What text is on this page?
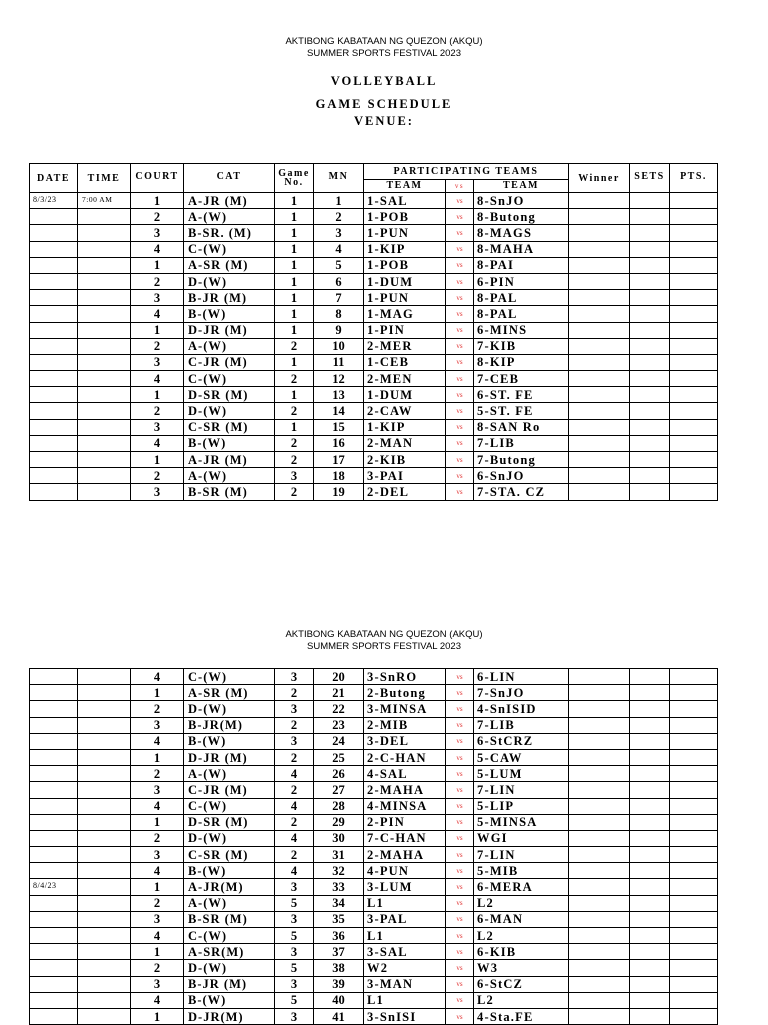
AKTIBONG KABATAAN NG QUEZON (AKQU)
SUMMER SPORTS FESTIVAL 2023
VOLLEYBALL
GAME SCHEDULE
VENUE:
DATE	TIME	COURT	CAT	Game No.	MN	PARTICIPATING TEAMS			Winner	SETS	PTS.
						TEAM	vs	TEAM			
8/3/23	7:00 AM	1	A-JR (M)	1	1	1-SAL	vs	8-SnJO			
		2	A-(W)	1	2	1-POB	vs	8-Butong			
		3	B-SR. (M)	1	3	1-PUN	vs	8-MAGS			
		4	C-(W)	1	4	1-KIP	vs	8-MAHA			
		1	A-SR (M)	1	5	1-POB	vs	8-PAI			
		2	D-(W)	1	6	1-DUM	vs	6-PIN			
		3	B-JR (M)	1	7	1-PUN	vs	8-PAL			
		4	B-(W)	1	8	1-MAG	vs	8-PAL			
		1	D-JR (M)	1	9	1-PIN	vs	6-MINS			
		2	A-(W)	2	10	2-MER	vs	7-KIB			
		3	C-JR (M)	1	11	1-CEB	vs	8-KIP			
		4	C-(W)	2	12	2-MEN	vs	7-CEB			
		1	D-SR (M)	1	13	1-DUM	vs	6-ST. FE			
		2	D-(W)	2	14	2-CAW	vs	5-ST. FE			
		3	C-SR (M)	1	15	1-KIP	vs	8-SAN Ro			
		4	B-(W)	2	16	2-MAN	vs	7-LIB			
		1	A-JR (M)	2	17	2-KIB	vs	7-Butong			
		2	A-(W)	3	18	3-PAI	vs	6-SnJO			
		3	B-SR (M)	2	19	2-DEL	vs	7-STA. CZ			
AKTIBONG KABATAAN NG QUEZON (AKQU)
SUMMER SPORTS FESTIVAL 2023
		4	C-(W)	3	20	3-SnRO	vs	6-LIN			
		1	A-SR (M)	2	21	2-Butong	vs	7-SnJO			
		2	D-(W)	3	22	3-MINSA	vs	4-SnISID			
		3	B-JR(M)	2	23	2-MIB	vs	7-LIB			
		4	B-(W)	3	24	3-DEL	vs	6-StCRZ			
		1	D-JR (M)	2	25	2-C-HAN	vs	5-CAW			
		2	A-(W)	4	26	4-SAL	vs	5-LUM			
		3	C-JR (M)	2	27	2-MAHA	vs	7-LIN			
		4	C-(W)	4	28	4-MINSA	vs	5-LIP			
		1	D-SR (M)	2	29	2-PIN	vs	5-MINSA			
		2	D-(W)	4	30	7-C-HAN	vs	WGI			
		3	C-SR (M)	2	31	2-MAHA	vs	7-LIN			
		4	B-(W)	4	32	4-PUN	vs	5-MIB			
8/4/23		1	A-JR(M)	3	33	3-LUM	vs	6-MERA			
		2	A-(W)	5	34	L1	vs	L2			
		3	B-SR (M)	3	35	3-PAL	vs	6-MAN			
		4	C-(W)	5	36	L1	vs	L2			
		1	A-SR(M)	3	37	3-SAL	vs	6-KIB			
		2	D-(W)	5	38	W2	vs	W3			
		3	B-JR (M)	3	39	3-MAN	vs	6-StCZ			
		4	B-(W)	5	40	L1	vs	L2			
		1	D-JR(M)	3	41	3-SnISI	vs	4-Sta.FE			
